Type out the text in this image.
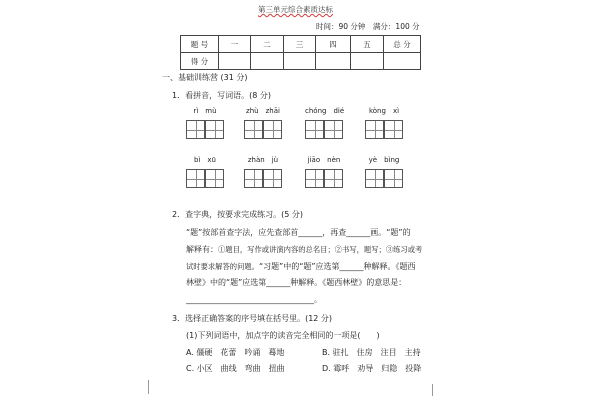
第三单元综合素质达标
时间：90 分钟　满分：100 分
题 号	一	二	三	四	五	总 分
得 分						
一、基础训练营 (31 分)
1．看拼音，写词语。(8 分)
rì mù	zhù zhāi	chóng dié	kòng xì
bì xū	zhàn jù	jiāo nèn	yè bìng
2．查字典，按要求完成练习。(5 分)
“题”按部首查字法，应先查部首______，再查______画。“题”的
解释有：①题目，写作或讲演内容的总名目；②书写，题写；③练习或考
试时要求解答的问题。“习题”中的“题”应选第______种解释。《题西
林壁》中的“题”应选第______种解释。《题西林壁》的意思是：
________________________________。
3．选择正确答案的序号填在括号里。(12 分)
(1)下列词语中，加点字的读音完全相同的一项是(　　)
A. 僵硬　花蕾　吟诵　蓦地	B. 驻扎　住房　注目　主持
C. 小区　曲线　弯曲　扭曲	D. 霉呼　劝导　归隐　投降
